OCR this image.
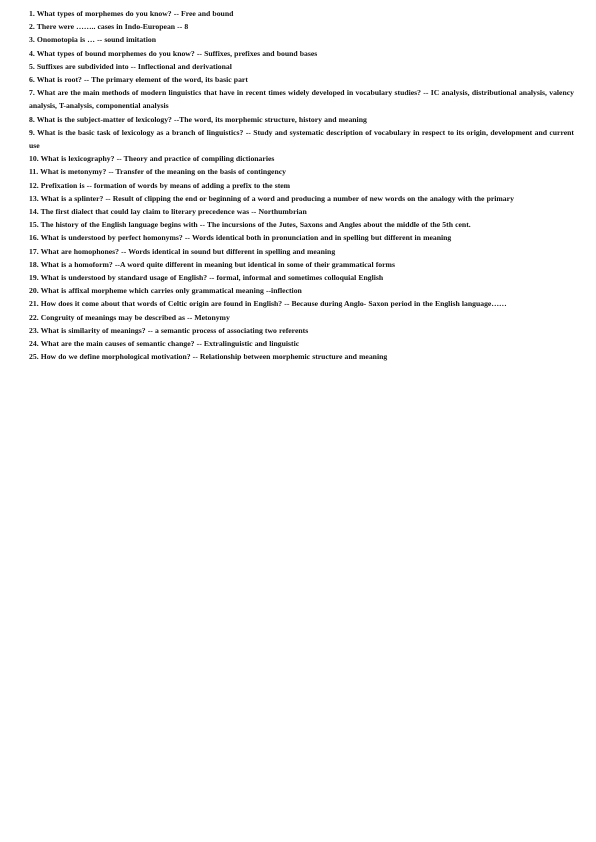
1. What types of morphemes do you know? -- Free and bound
2. There were …….. cases in Indo-European -- 8
3. Onomotopia is … -- sound imitation
4. What types of bound morphemes do you know? -- Suffixes, prefixes and bound bases
5. Suffixes are subdivided into -- Inflectional and derivational
6. What is root? -- The primary element of the word, its basic part
7. What are the main methods of modern linguistics that have in recent times widely developed in vocabulary studies? -- IC analysis, distributional analysis, valency analysis, T-analysis, componential analysis
8. What is the subject-matter of lexicology? --The word, its morphemic structure, history and meaning
9. What is the basic task of lexicology as a branch of linguistics? -- Study and systematic description of vocabulary in respect to its origin, development and current use
10. What is lexicography? -- Theory and practice of compiling dictionaries
11. What is metonymy? -- Transfer of the meaning on the basis of contingency
12. Prefixation is -- formation of words by means of adding a prefix to the stem
13. What is a splinter? -- Result of clipping the end or beginning of a word and producing a number of new words on the analogy with the primary
14. The first dialect that could lay claim to literary precedence was -- Northumbrian
15. The history of the English language begins with -- The incursions of the Jutes, Saxons and Angles about the middle of the 5th cent.
16. What is understood by perfect homonyms? -- Words identical both in pronunciation and in spelling but different in meaning
17. What are homophones? -- Words identical in sound but different in spelling and meaning
18. What is a homoform? --A word quite different in meaning but identical in some of their grammatical forms
19. What is understood by standard usage of English? -- formal, informal and sometimes colloquial English
20. What is affixal morpheme which carries only grammatical meaning --inflection
21. How does it come about that words of Celtic origin are found in English? -- Because during Anglo- Saxon period in the English language……
22. Congruity of meanings may be described as -- Metonymy
23. What is similarity of meanings? -- a semantic process of associating two referents
24. What are the main causes of semantic change? -- Extralinguistic and linguistic
25. How do we define morphological motivation? -- Relationship between morphemic structure and meaning
